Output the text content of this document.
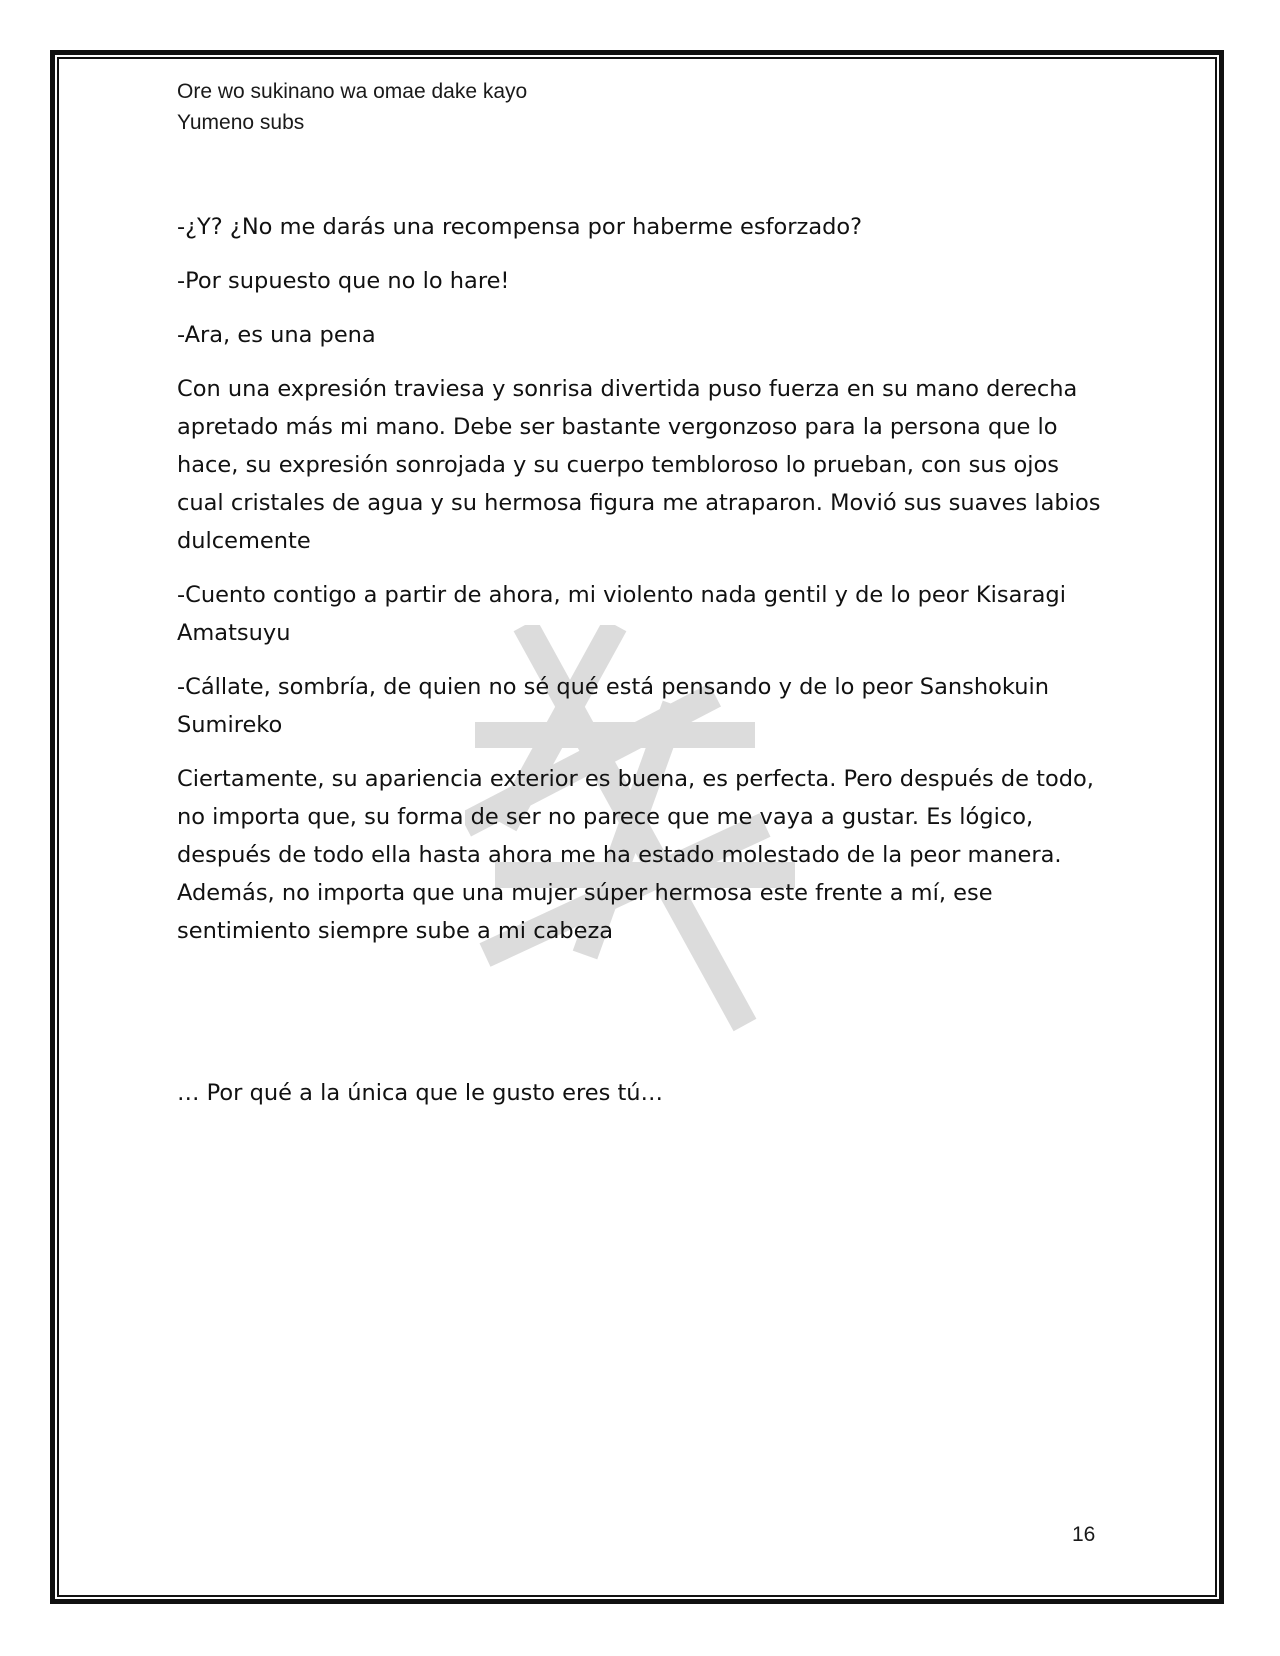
Ore wo sukinano wa omae dake kayo
Yumeno subs

-¿Y? ¿No me darás una recompensa por haberme esforzado?

-Por supuesto que no lo hare!

-Ara, es una pena

Con una expresión traviesa y sonrisa divertida puso fuerza en su mano derecha apretado más mi mano. Debe ser bastante vergonzoso para la persona que lo hace, su expresión sonrojada y su cuerpo tembloroso lo prueban, con sus ojos cual cristales de agua y su hermosa figura me atraparon. Movió sus suaves labios dulcemente

-Cuento contigo a partir de ahora, mi violento nada gentil y de lo peor Kisaragi Amatsuyu

-Cállate, sombría, de quien no sé qué está pensando y de lo peor Sanshokuin Sumireko

Ciertamente, su apariencia exterior es buena, es perfecta. Pero después de todo, no importa que, su forma de ser no parece que me vaya a gustar. Es lógico, después de todo ella hasta ahora me ha estado molestado de la peor manera. Además, no importa que una mujer súper hermosa este frente a mí, ese sentimiento siempre sube a mi cabeza

… Por qué a la única que le gusto eres tú…
16
